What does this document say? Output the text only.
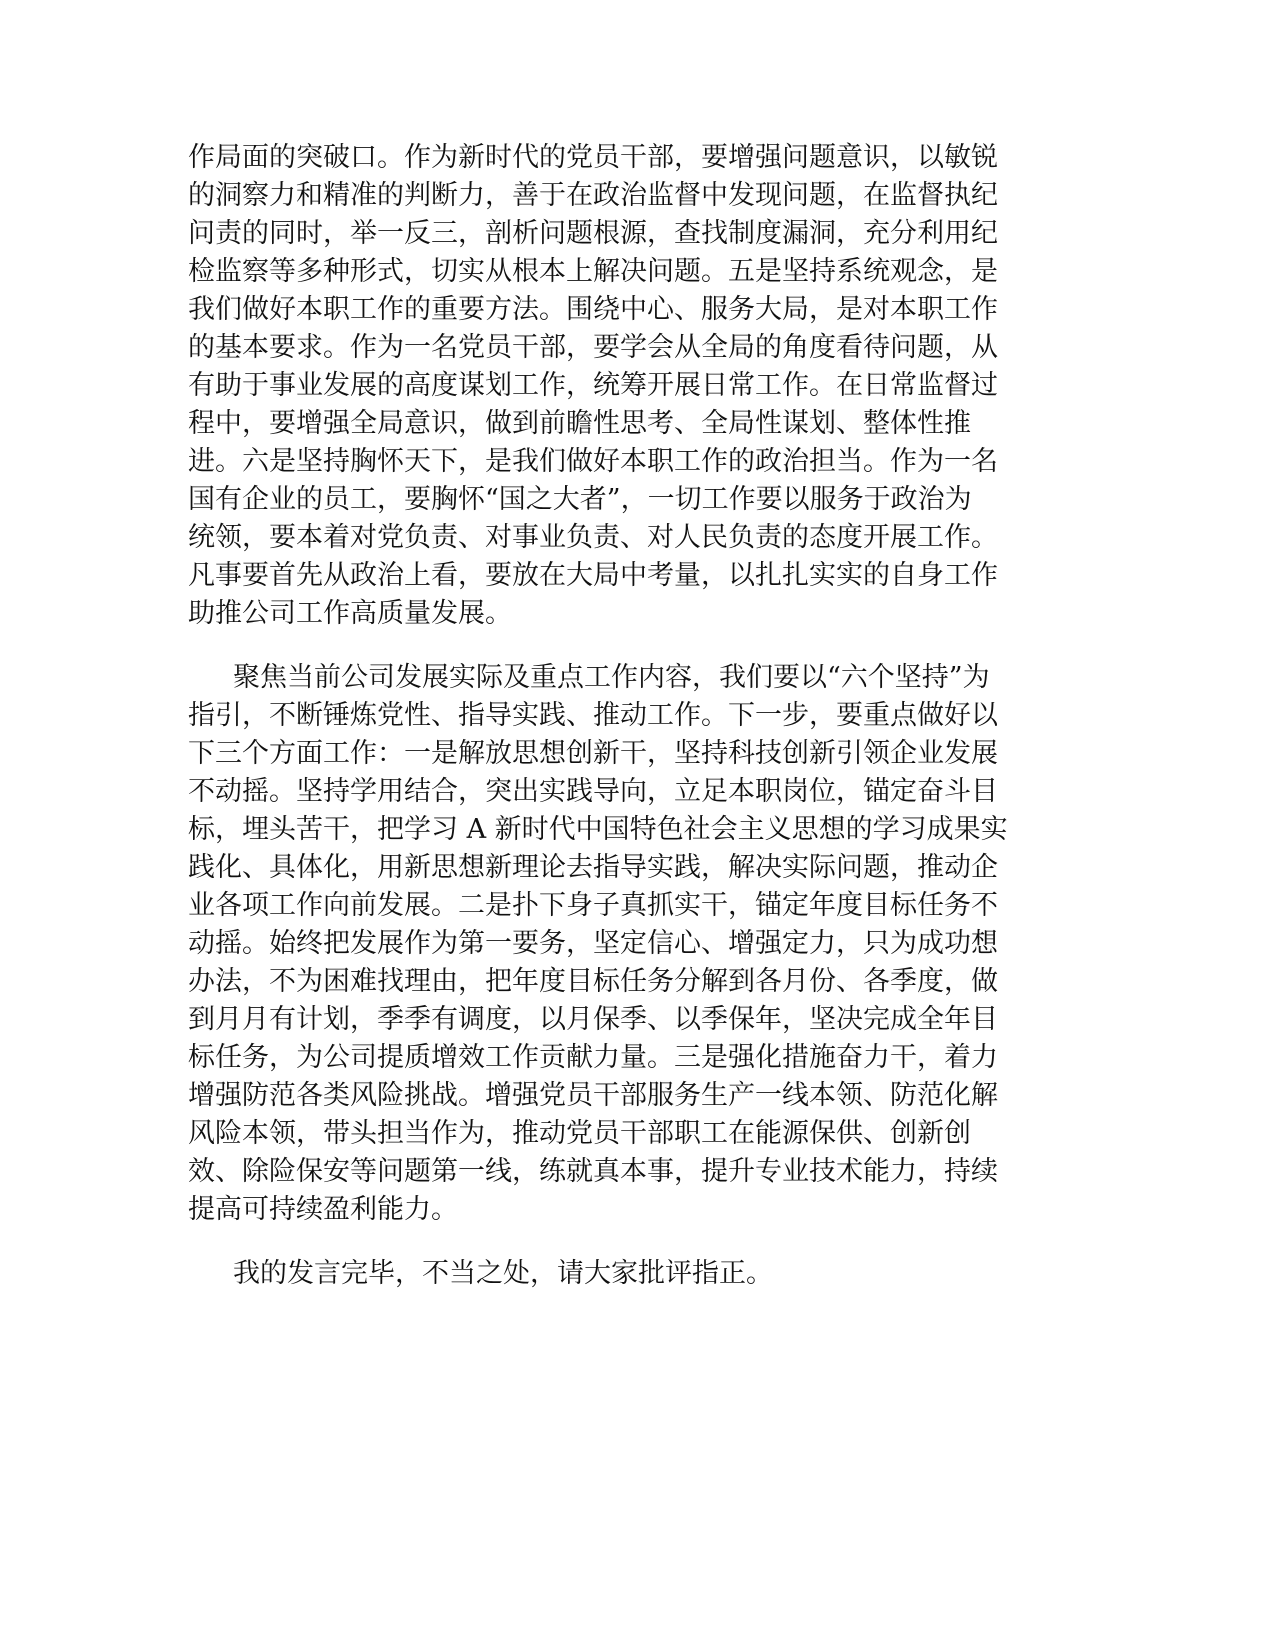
作局面的突破口。作为新时代的党员干部，要增强问题意识，以敏锐
的洞察力和精准的判断力，善于在政治监督中发现问题，在监督执纪
问责的同时，举一反三，剖析问题根源，查找制度漏洞，充分利用纪
检监察等多种形式，切实从根本上解决问题。五是坚持系统观念，是
我们做好本职工作的重要方法。围绕中心、服务大局，是对本职工作
的基本要求。作为一名党员干部，要学会从全局的角度看待问题，从
有助于事业发展的高度谋划工作，统筹开展日常工作。在日常监督过
程中，要增强全局意识，做到前瞻性思考、全局性谋划、整体性推
进。六是坚持胸怀天下，是我们做好本职工作的政治担当。作为一名
国有企业的员工，要胸怀“国之大者”，一切工作要以服务于政治为
统领，要本着对党负责、对事业负责、对人民负责的态度开展工作。
凡事要首先从政治上看，要放在大局中考量，以扎扎实实的自身工作
助推公司工作高质量发展。
聚焦当前公司发展实际及重点工作内容，我们要以“六个坚持”为
指引，不断锤炼党性、指导实践、推动工作。下一步，要重点做好以
下三个方面工作：一是解放思想创新干，坚持科技创新引领企业发展
不动摇。坚持学用结合，突出实践导向，立足本职岗位，锚定奋斗目
标，埋头苦干，把学习 A 新时代中国特色社会主义思想的学习成果实
践化、具体化，用新思想新理论去指导实践，解决实际问题，推动企
业各项工作向前发展。二是扑下身子真抓实干，锚定年度目标任务不
动摇。始终把发展作为第一要务，坚定信心、增强定力，只为成功想
办法，不为困难找理由，把年度目标任务分解到各月份、各季度，做
到月月有计划，季季有调度，以月保季、以季保年，坚决完成全年目
标任务，为公司提质增效工作贡献力量。三是强化措施奋力干，着力
增强防范各类风险挑战。增强党员干部服务生产一线本领、防范化解
风险本领，带头担当作为，推动党员干部职工在能源保供、创新创
效、除险保安等问题第一线，练就真本事，提升专业技术能力，持续
提高可持续盈利能力。
我的发言完毕，不当之处，请大家批评指正。
